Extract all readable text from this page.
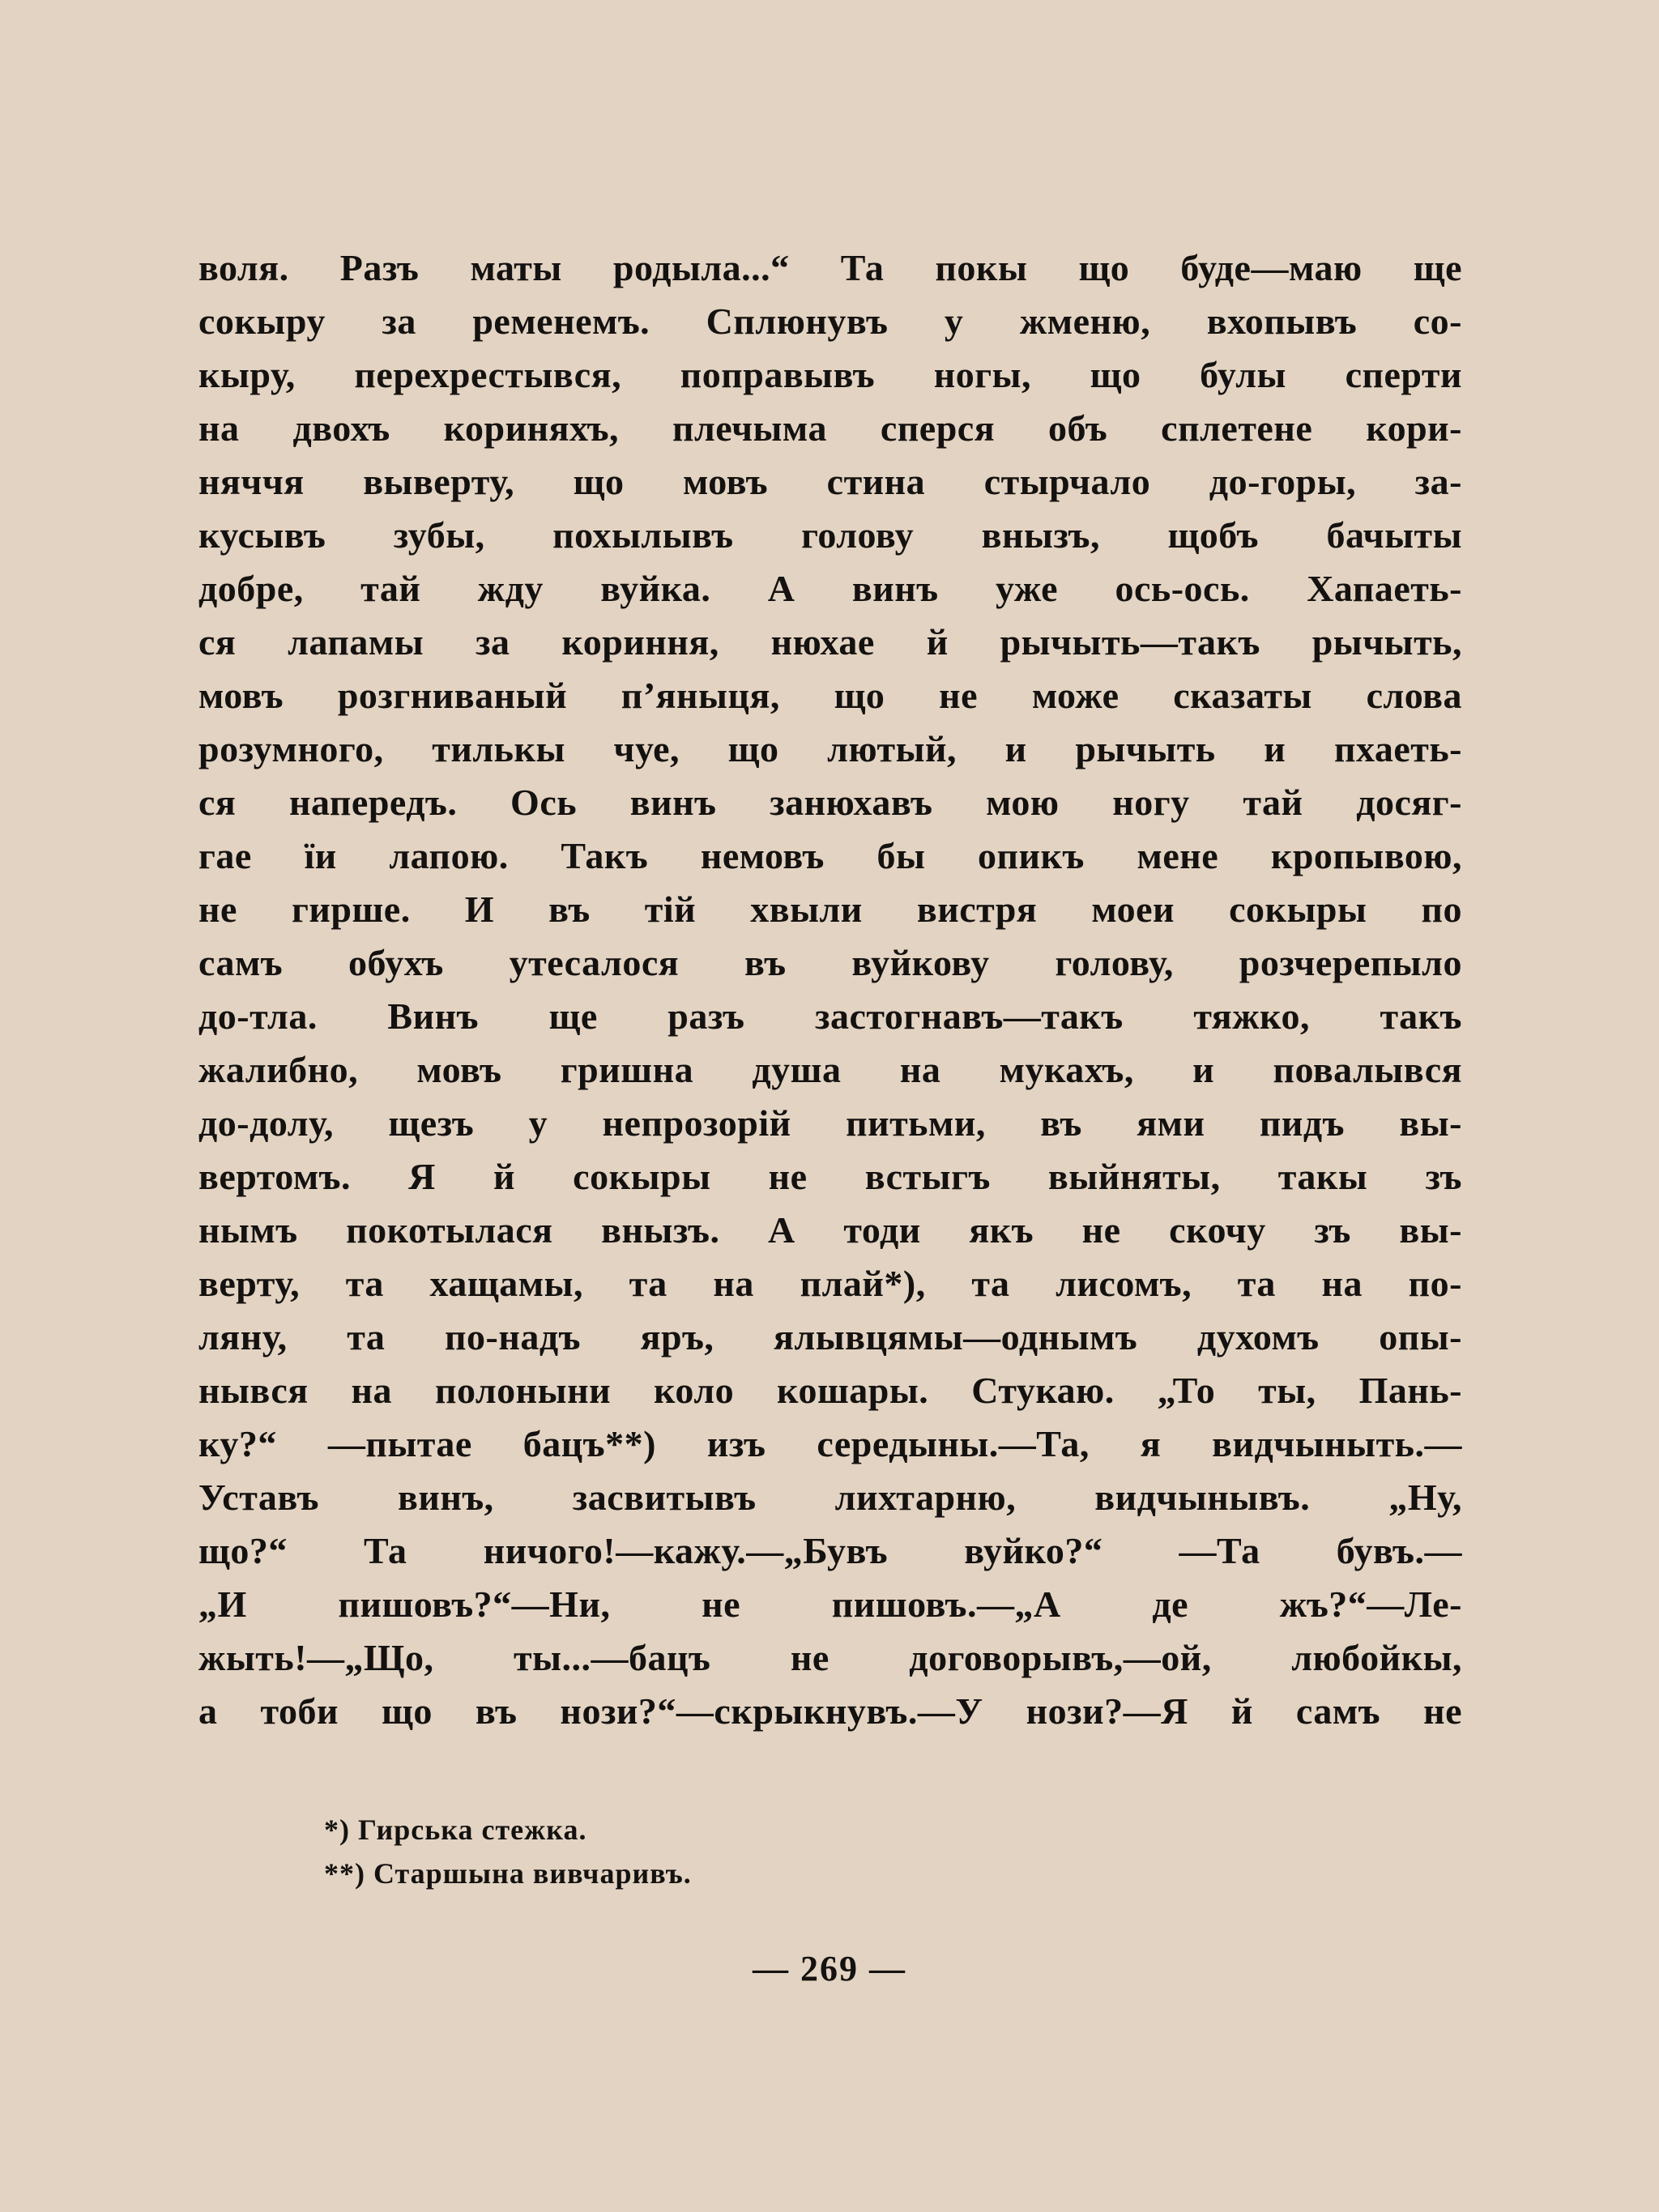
воля. Разъ маты родыла...“ Та покы що буде—маю ще
сокыру за ременемъ. Сплюнувъ у жменю, вхопывъ со-
кыру, перехрестывся, поправывъ ногы, що булы сперти
на двохъ кориняхъ, плечыма сперся объ сплетене кори-
няччя выверту, що мовъ стина стырчало до-горы, за-
кусывъ зубы, похылывъ голову внызъ, щобъ бачыты
добре, тай жду вуйка. А винъ уже ось-ось. Хапаеть-
ся лапамы за кориння, нюхае й рычыть—такъ рычыть,
мовъ розгниваный п’яныця, що не може сказаты слова
розумного, тилькы чуе, що лютый, и рычыть и пхаеть-
ся напередъ. Ось винъ занюхавъ мою ногу тай досяг-
гае ïи лапою. Такъ немовъ бы опикъ мене кропывою,
не гирше. И въ тій хвыли вистря моеи сокыры по
самъ обухъ утесалося въ вуйкову голову, розчерепыло
до-тла. Винъ ще разъ застогнавъ—такъ тяжко, такъ
жалибно, мовъ гришна душа на мукахъ, и повалывся
до-долу, щезъ у непрозорій питьми, въ ями пидъ вы-
вертомъ. Я й сокыры не встыгъ выйняты, такы зъ
нымъ покотылася внызъ. А тоди якъ не скочу зъ вы-
верту, та хащамы, та на плай*), та лисомъ, та на по-
ляну, та по-надъ яръ, ялывцямы—однымъ духомъ опы-
нывся на полоныни коло кошары. Стукаю. „То ты, Пань-
ку?“ —пытае бацъ**) изъ середыны.—Та, я видчыныть.—
Уставъ винъ, засвитывъ лихтарню, видчынывъ. „Ну,
що?“ Та ничого!—кажу.—„Бувъ вуйко?“ —Та бувъ.—
„И пишовъ?“—Ни, не пишовъ.—„А де жъ?“—Ле-
жыть!—„Що, ты...—бацъ не договорывъ,—ой, любойкы,
а тоби що въ нози?“—скрыкнувъ.—У нози?—Я й самъ не
*) Гирська стежка.
**) Старшына вивчаривъ.
— 269 —
